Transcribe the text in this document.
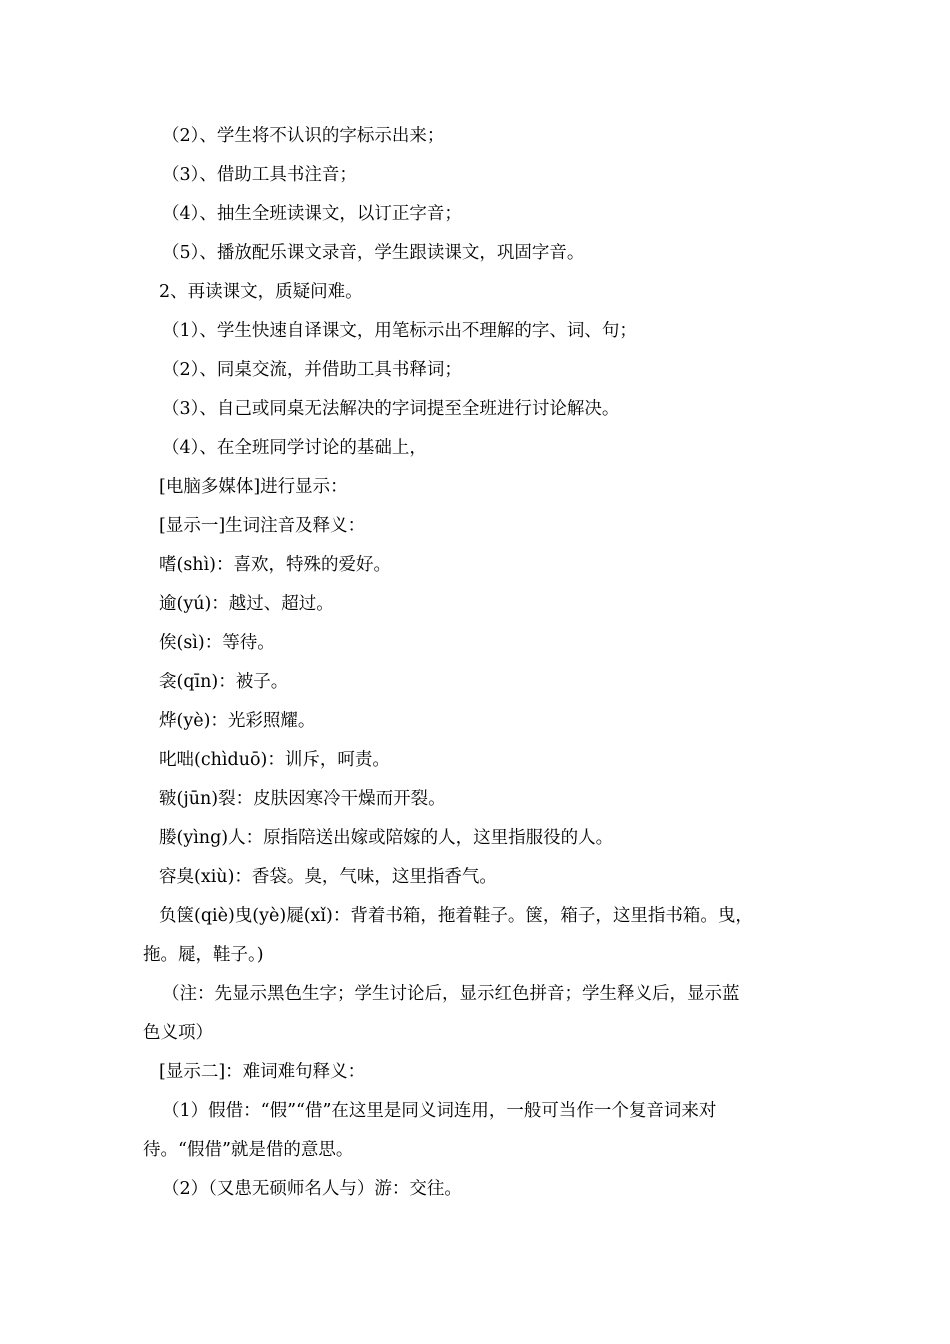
（2）、学生将不认识的字标示出来；
（3）、借助工具书注音；
（4）、抽生全班读课文，以订正字音；
（5）、播放配乐课文录音，学生跟读课文，巩固字音。
2、再读课文，质疑问难。
（1）、学生快速自译课文，用笔标示出不理解的字、词、句；
（2）、同桌交流，并借助工具书释词；
（3）、自己或同桌无法解决的字词提至全班进行讨论解决。
（4）、在全班同学讨论的基础上，
[电脑多媒体]进行显示：
[显示一]生词注音及释义：
嗜(shì)：喜欢，特殊的爱好。
逾(yú)：越过、超过。
俟(sì)：等待。
衾(qīn)：被子。
烨(yè)：光彩照耀。
叱咄(chìduō)：训斥，呵责。
皲(jūn)裂：皮肤因寒冷干燥而开裂。
媵(yìng)人：原指陪送出嫁或陪嫁的人，这里指服役的人。
容臭(xiù)：香袋。臭，气味，这里指香气。
负箧(qiè)曳(yè)屣(xǐ)：背着书箱，拖着鞋子。箧，箱子，这里指书箱。曳，
拖。屣，鞋子。)
（注：先显示黑色生字；学生讨论后，显示红色拼音；学生释义后，显示蓝
色义项）
[显示二]：难词难句释义：
（1）假借：“假”“借”在这里是同义词连用，一般可当作一个复音词来对
待。“假借”就是借的意思。
（2）（又患无硕师名人与）游：交往。
